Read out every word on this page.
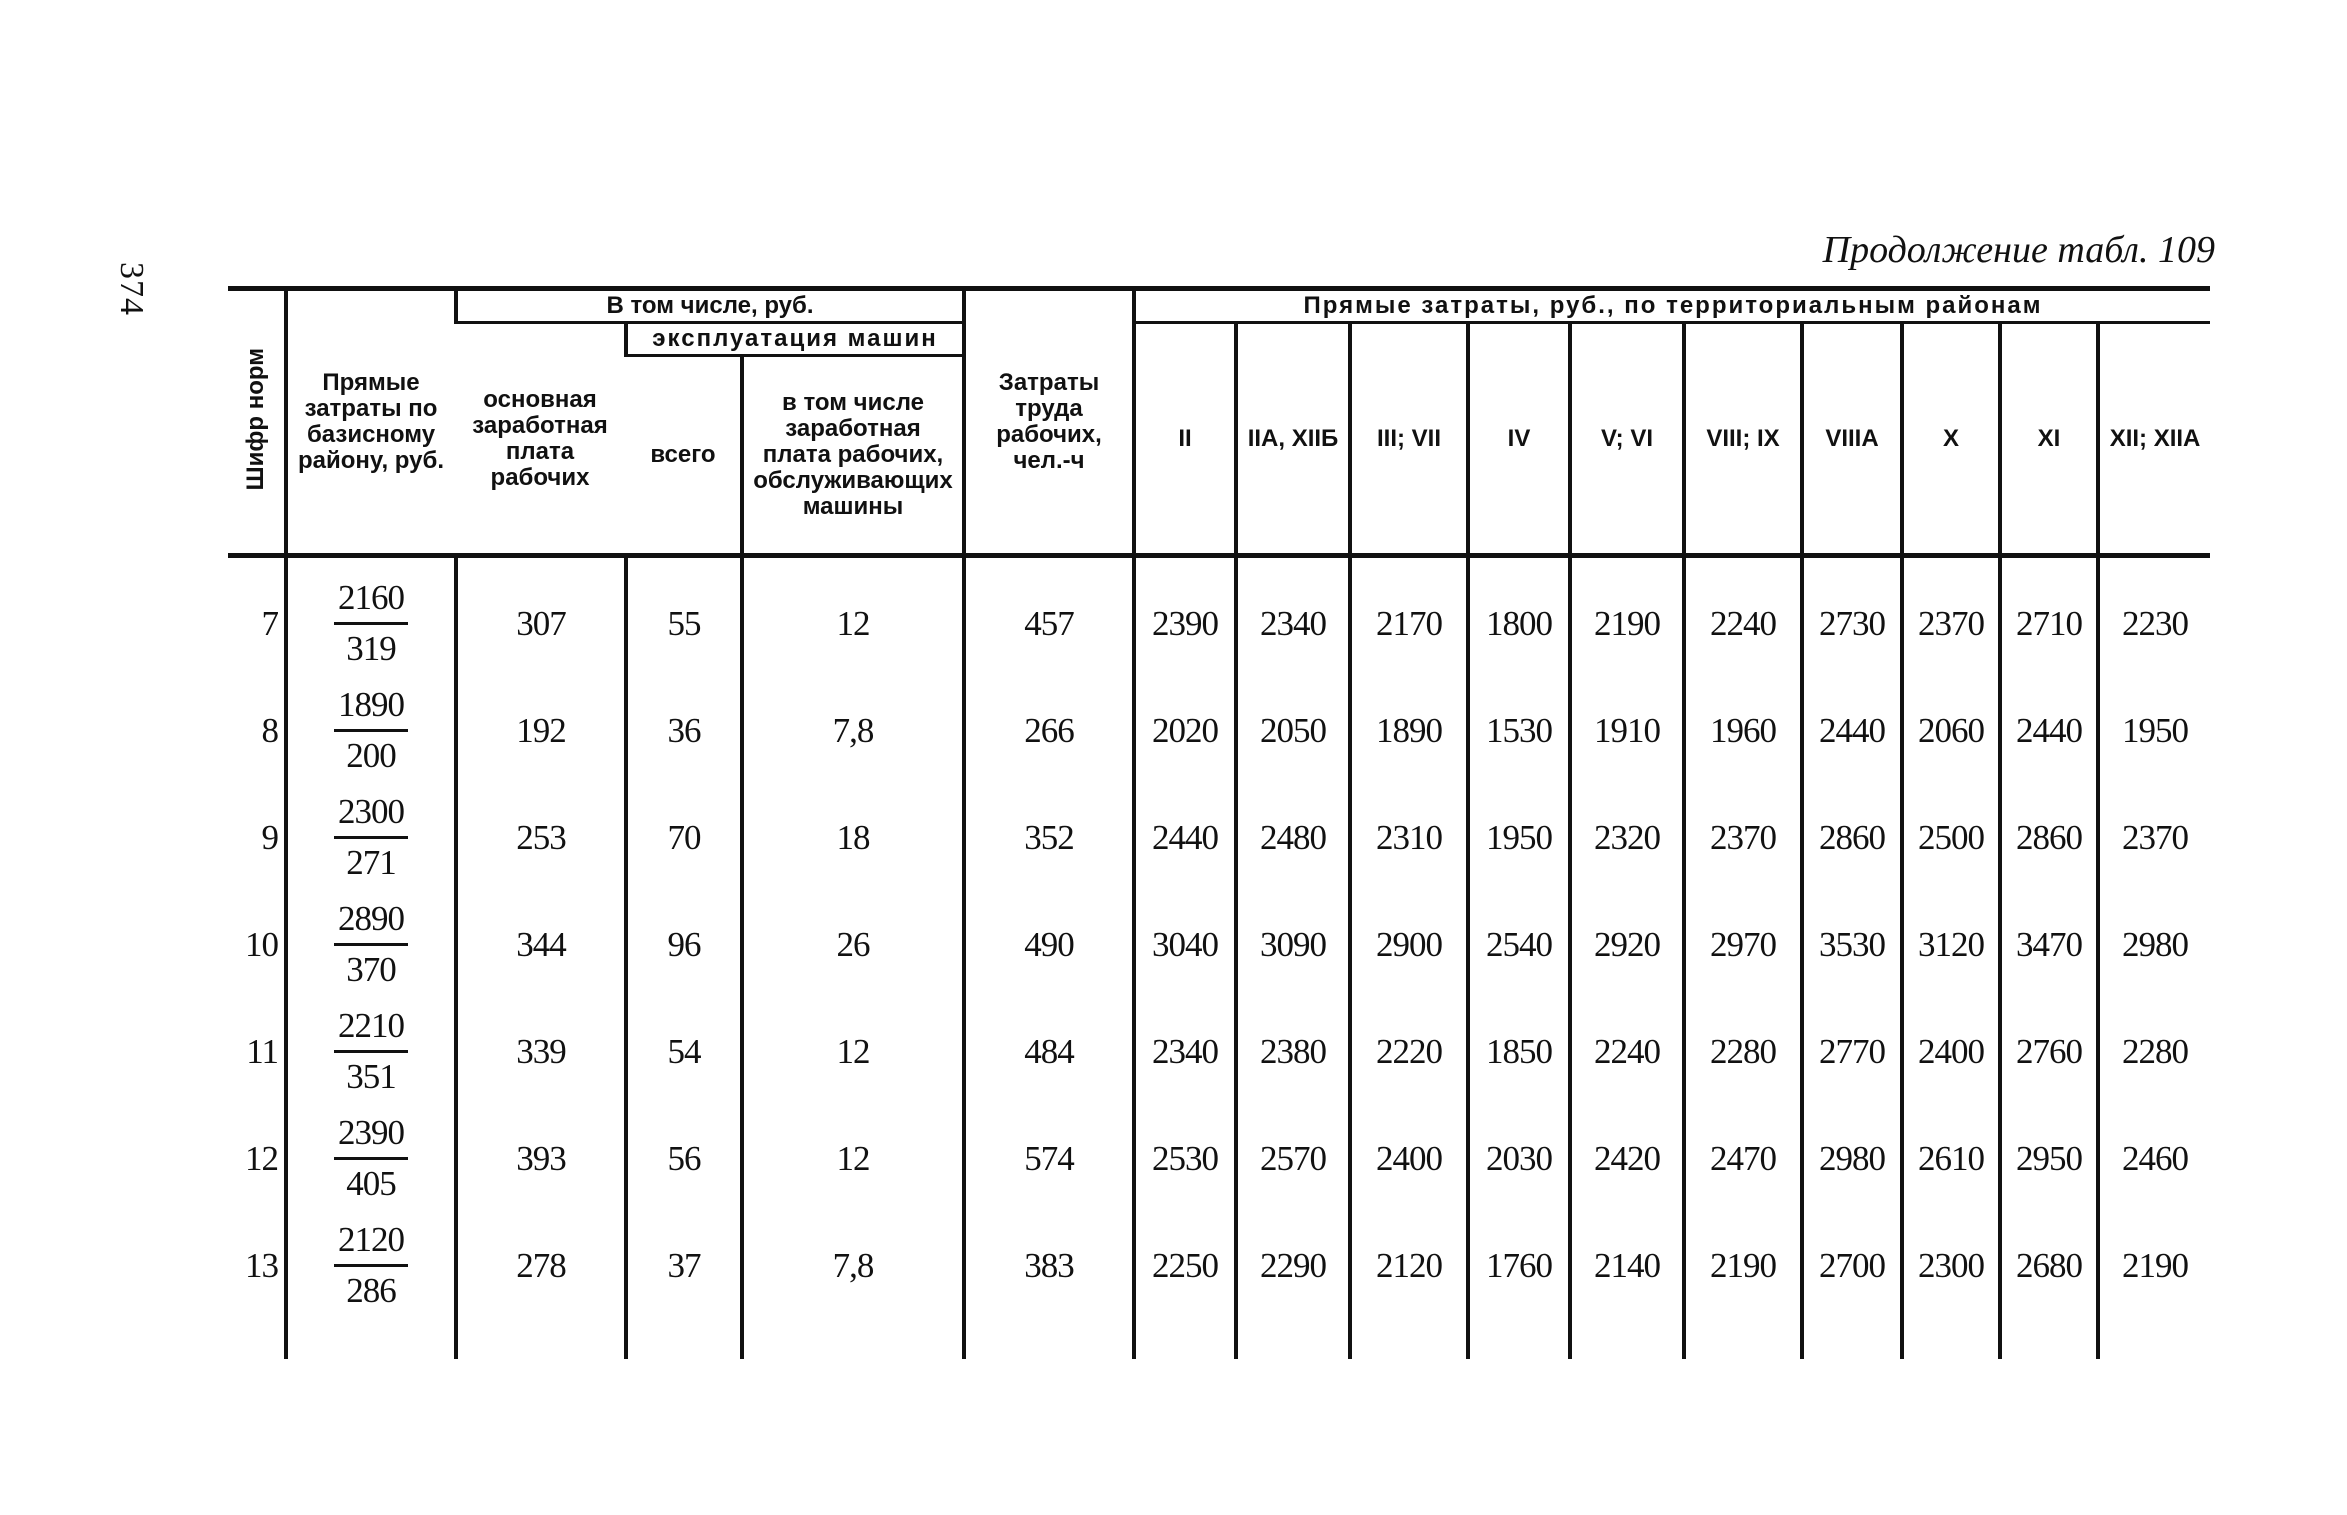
374
Продолжение табл. 109
Шифр норм	Прямые затраты по базисному району, руб.	В том числе, руб.			Затраты труда рабочих, чел.-ч	Прямые затраты, руб., по территориальным районам									
		основная заработная плата рабочих	эксплуатация машин			II	IIA, XIIБ	III; VII	IV	V; VI	VIII; IX	VIIIA	X	XI	XII; XIIA
			всего	в том числе заработная плата рабочих, обслуживающих машины											
7	$\frac{2160}{319}$	307	55	12	457	2390	2340	2170	1800	2190	2240	2730	2370	2710	2230
8	$\frac{1890}{200}$	192	36	7,8	266	2020	2050	1890	1530	1910	1960	2440	2060	2440	1950
9	$\frac{2300}{271}$	253	70	18	352	2440	2480	2310	1950	2320	2370	2860	2500	2860	2370
10	$\frac{2890}{370}$	344	96	26	490	3040	3090	2900	2540	2920	2970	3530	3120	3470	2980
11	$\frac{2210}{351}$	339	54	12	484	2340	2380	2220	1850	2240	2280	2770	2400	2760	2280
12	$\frac{2390}{405}$	393	56	12	574	2530	2570	2400	2030	2420	2470	2980	2610	2950	2460
13	$\frac{2120}{286}$	278	37	7,8	383	2250	2290	2120	1760	2140	2190	2700	2300	2680	2190
